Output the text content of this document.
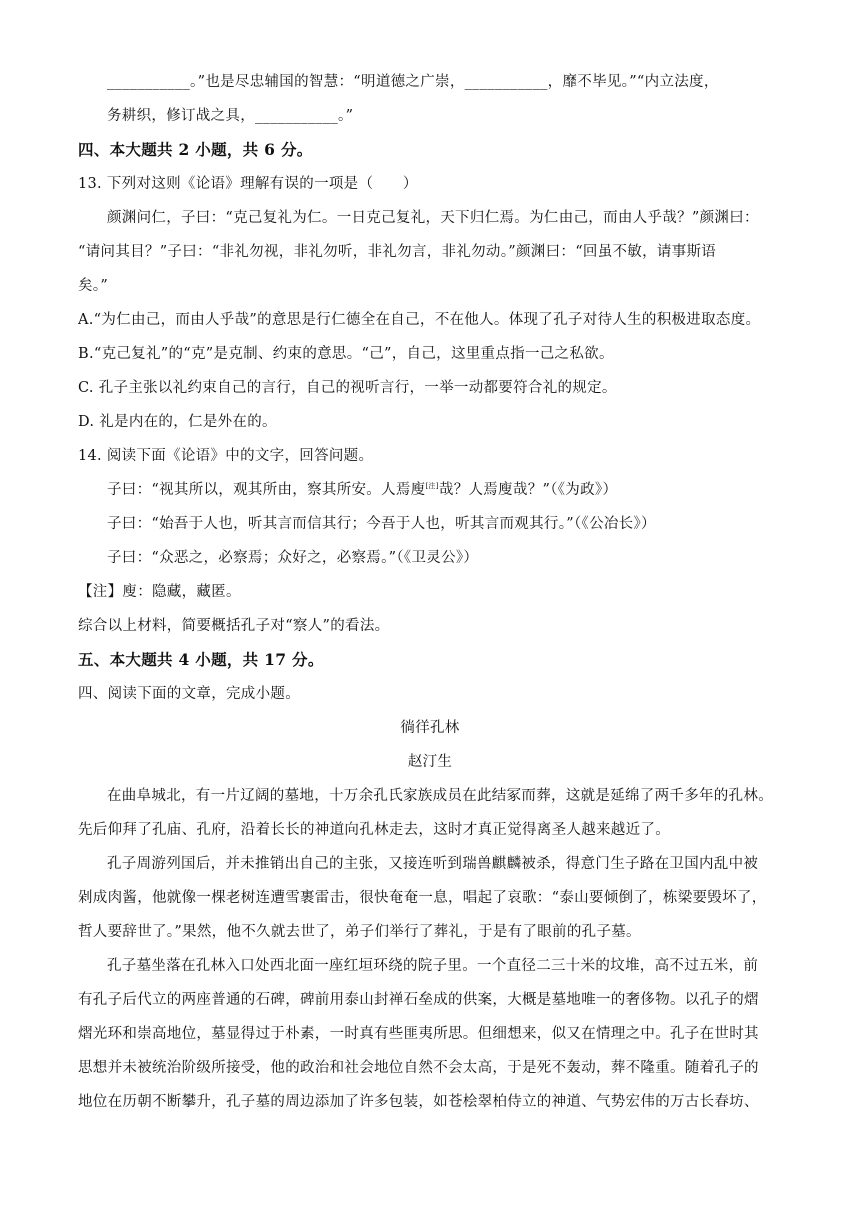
___________。”也是尽忠辅国的智慧：“明道德之广崇，___________，靡不毕见。”“内立法度，
务耕织，修订战之具，___________。”
四、本大题共 2 小题，共 6 分。
13. 下列对这则《论语》理解有误的一项是（　　）
颜渊问仁，子曰：“克己复礼为仁。一日克己复礼，天下归仁焉。为仁由己，而由人乎哉？”颜渊曰：
“请问其目？”子曰：“非礼勿视，非礼勿听，非礼勿言，非礼勿动。”颜渊曰：“回虽不敏，请事斯语
矣。”
A.“为仁由己，而由人乎哉”的意思是行仁德全在自己，不在他人。体现了孔子对待人生的积极进取态度。
B.“克己复礼”的“克”是克制、约束的意思。“己”，自己，这里重点指一己之私欲。
C. 孔子主张以礼约束自己的言行，自己的视听言行，一举一动都要符合礼的规定。
D. 礼是内在的，仁是外在的。
14. 阅读下面《论语》中的文字，回答问题。
子曰：“视其所以，观其所由，察其所安。人焉廋[注]哉？人焉廋哉？”（《为政》）
子曰：“始吾于人也，听其言而信其行；今吾于人也，听其言而观其行。”（《公冶长》）
子曰：“众恶之，必察焉；众好之，必察焉。”（《卫灵公》）
【注】廋：隐藏，藏匿。
综合以上材料，简要概括孔子对“察人”的看法。
五、本大题共 4 小题，共 17 分。
四、阅读下面的文章，完成小题。
徜徉孔林
赵汀生
在曲阜城北，有一片辽阔的墓地，十万余孔氏家族成员在此结冢而葬，这就是延绵了两千多年的孔林。
先后仰拜了孔庙、孔府，沿着长长的神道向孔林走去，这时才真正觉得离圣人越来越近了。
孔子周游列国后，并未推销出自己的主张，又接连听到瑞兽麒麟被杀，得意门生子路在卫国内乱中被
剁成肉酱，他就像一棵老树连遭雪裹雷击，很快奄奄一息，唱起了哀歌：“泰山要倾倒了，栋梁要毁坏了，
哲人要辞世了。”果然，他不久就去世了，弟子们举行了葬礼，于是有了眼前的孔子墓。
孔子墓坐落在孔林入口处西北面一座红垣环绕的院子里。一个直径二三十米的坟堆，高不过五米，前
有孔子后代立的两座普通的石碑，碑前用泰山封禅石垒成的供案，大概是墓地唯一的奢侈物。以孔子的熠
熠光环和崇高地位，墓显得过于朴素，一时真有些匪夷所思。但细想来，似又在情理之中。孔子在世时其
思想并未被统治阶级所接受，他的政治和社会地位自然不会太高，于是死不轰动，葬不隆重。随着孔子的
地位在历朝不断攀升，孔子墓的周边添加了许多包装，如苍桧翠柏侍立的神道、气势宏伟的万古长春坊、
